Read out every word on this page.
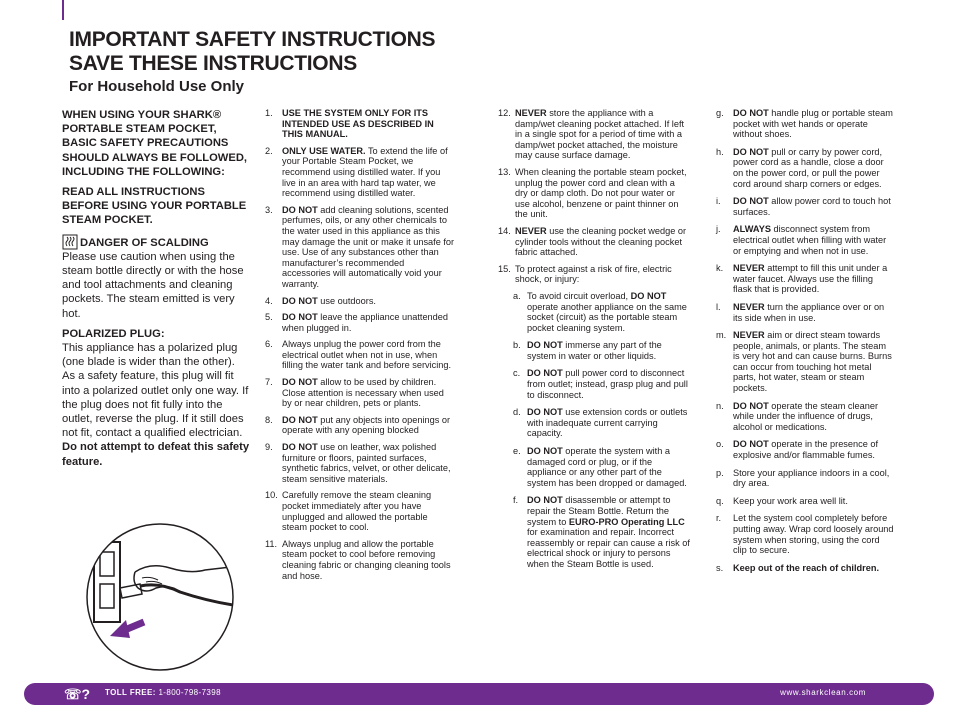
IMPORTANT SAFETY INSTRUCTIONS
SAVE THESE INSTRUCTIONS
For Household Use Only

WHEN USING YOUR SHARK® PORTABLE STEAM POCKET, BASIC SAFETY PRECAUTIONS SHOULD ALWAYS BE FOLLOWED, INCLUDING THE FOLLOWING:

READ ALL INSTRUCTIONS BEFORE USING YOUR PORTABLE STEAM POCKET.

DANGER OF SCALDING
Please use caution when using the steam bottle directly or with the hose and tool attachments and cleaning pockets. The steam emitted is very hot.

POLARIZED PLUG:
This appliance has a polarized plug (one blade is wider than the other). As a safety feature, this plug will fit into a polarized outlet only one way. If the plug does not fit fully into the outlet, reverse the plug. If it still does not fit, contact a qualified electrician. Do not attempt to defeat this safety feature.

1.	USE THE SYSTEM ONLY FOR ITS INTENDED USE AS DESCRIBED IN THIS MANUAL.
2.	ONLY USE WATER. To extend the life of your Portable Steam Pocket, we recommend using distilled water. If you live in an area with hard tap water, we recommend using distilled water.
3.	DO NOT add cleaning solutions, scented perfumes, oils, or any other chemicals to the water used in this appliance as this may damage the unit or make it unsafe for use. Use of any substances other than manufacturer’s recommended accessories will automatically void your warranty.
4.	DO NOT use outdoors.
5.	DO NOT leave the appliance unattended when plugged in.
6.	Always unplug the power cord from the electrical outlet when not in use, when filling the water tank and before servicing.
7.	DO NOT allow to be used by children. Close attention is necessary when used by or near children, pets or plants.
8.	DO NOT put any objects into openings or operate with any opening blocked
9.	DO NOT use on leather, wax polished furniture or floors, painted surfaces, synthetic fabrics, velvet, or other delicate, steam sensitive materials.
10. Carefully remove the steam cleaning pocket immediately after you have unplugged and allowed the portable steam pocket to cool.
11. Always unplug and allow the portable steam pocket to cool before removing cleaning fabric or changing cleaning tools and hose.
12. NEVER store the appliance with a damp/wet cleaning pocket attached. If left in a single spot for a period of time with a damp/wet pocket attached, the moisture may cause surface damage.
13. When cleaning the portable steam pocket, unplug the power cord and clean with a dry or damp cloth. Do not pour water or use alcohol, benzene or paint thinner on the unit.
14. NEVER use the cleaning pocket wedge or cylinder tools without the cleaning pocket fabric attached.
15. To protect against a risk of fire, electric shock, or injury:
a. To avoid circuit overload, DO NOT operate another appliance on the same socket (circuit) as the portable steam pocket cleaning system.
b. DO NOT immerse any part of the system in water or other liquids.
c. DO NOT pull power cord to disconnect from outlet; instead, grasp plug and pull to disconnect.
d. DO NOT use extension cords or outlets with inadequate current carrying capacity.
e. DO NOT operate the system with a damaged cord or plug, or if the appliance or any other part of the system has been dropped or damaged.
f. DO NOT disassemble or attempt to repair the Steam Bottle. Return the system to EURO-PRO Operating LLC for examination and repair. Incorrect reassembly or repair can cause a risk of electrical shock or injury to persons when the Steam Bottle is used.
g.	DO NOT handle plug or portable steam pocket with wet hands or operate without shoes.
h.	DO NOT pull or carry by power cord, power cord as a handle, close a door on the power cord, or pull the power cord around sharp corners or edges.
i.	DO NOT allow power cord to touch hot surfaces.
j.	ALWAYS disconnect system from electrical outlet when filling with water or emptying and when not in use.
k.	NEVER attempt to fill this unit under a water faucet. Always use the filling flask that is provided.
l.	NEVER turn the appliance over or on its side when in use.
m. NEVER aim or direct steam towards people, animals, or plants. The steam is very hot and can cause burns. Burns can occur from touching hot metal parts, hot water, steam or steam pockets.
n.	DO NOT operate the steam cleaner while under the influence of drugs, alcohol or medications.
o.	DO NOT operate in the presence of explosive and/or flammable fumes.
p.	Store your appliance indoors in a cool, dry area.
q.	Keep your work area well lit.
r.	Let the system cool completely before putting away. Wrap cord loosely around system when storing, using the cord clip to secure.
s.	Keep out of the reach of children.
☏? TOLL FREE: 1-800-798-7398	www.sharkclean.com
